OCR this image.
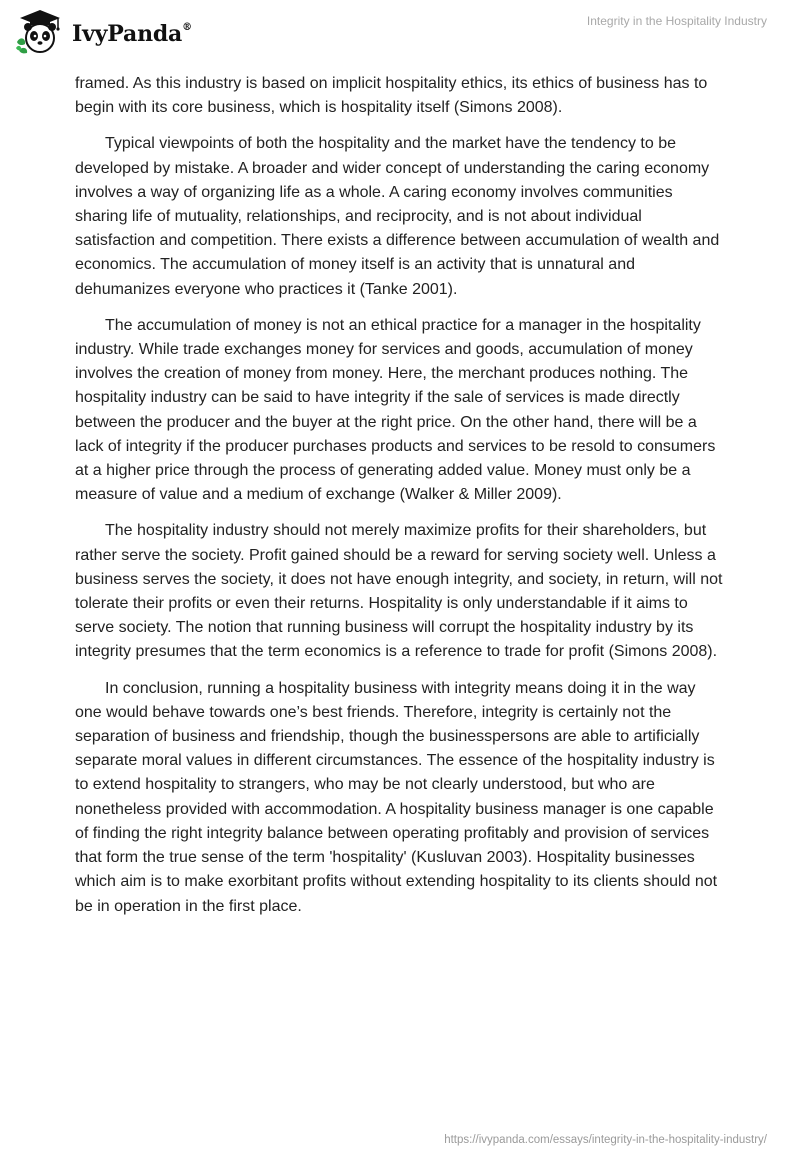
IvyPanda®	Integrity in the Hospitality Industry

framed. As this industry is based on implicit hospitality ethics, its ethics of business has to begin with its core business, which is hospitality itself (Simons 2008).

Typical viewpoints of both the hospitality and the market have the tendency to be developed by mistake. A broader and wider concept of understanding the caring economy involves a way of organizing life as a whole. A caring economy involves communities sharing life of mutuality, relationships, and reciprocity, and is not about individual satisfaction and competition. There exists a difference between accumulation of wealth and economics. The accumulation of money itself is an activity that is unnatural and dehumanizes everyone who practices it (Tanke 2001).

The accumulation of money is not an ethical practice for a manager in the hospitality industry. While trade exchanges money for services and goods, accumulation of money involves the creation of money from money. Here, the merchant produces nothing. The hospitality industry can be said to have integrity if the sale of services is made directly between the producer and the buyer at the right price. On the other hand, there will be a lack of integrity if the producer purchases products and services to be resold to consumers at a higher price through the process of generating added value. Money must only be a measure of value and a medium of exchange (Walker & Miller 2009).

The hospitality industry should not merely maximize profits for their shareholders, but rather serve the society. Profit gained should be a reward for serving society well. Unless a business serves the society, it does not have enough integrity, and society, in return, will not tolerate their profits or even their returns. Hospitality is only understandable if it aims to serve society. The notion that running business will corrupt the hospitality industry by its integrity presumes that the term economics is a reference to trade for profit (Simons 2008).

In conclusion, running a hospitality business with integrity means doing it in the way one would behave towards one’s best friends. Therefore, integrity is certainly not the separation of business and friendship, though the businesspersons are able to artificially separate moral values in different circumstances. The essence of the hospitality industry is to extend hospitality to strangers, who may be not clearly understood, but who are nonetheless provided with accommodation. A hospitality business manager is one capable of finding the right integrity balance between operating profitably and provision of services that form the true sense of the term 'hospitality' (Kusluvan 2003). Hospitality businesses which aim is to make exorbitant profits without extending hospitality to its clients should not be in operation in the first place.

https://ivypanda.com/essays/integrity-in-the-hospitality-industry/
